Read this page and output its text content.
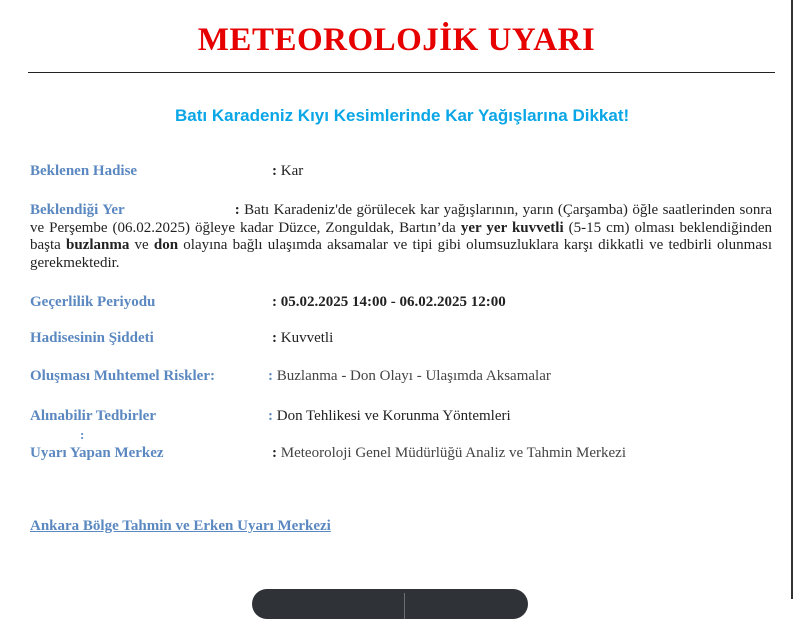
METEOROLOJİK UYARI
Batı Karadeniz Kıyı Kesimlerinde Kar Yağışlarına Dikkat!
Beklenen Hadise	: Kar
Beklendiği Yer	: Batı Karadeniz'de görülecek kar yağışlarının, yarın (Çarşamba) öğle saatlerinden sonra ve Perşembe (06.02.2025) öğleye kadar Düzce, Zonguldak, Bartın’da yer yer kuvvetli (5-15 cm) olması beklendiğinden başta buzlanma ve don olayına bağlı ulaşımda aksamalar ve tipi gibi olumsuzluklara karşı dikkatli ve tedbirli olunması gerekmektedir.
Geçerlilik Periyodu	: 05.02.2025 14:00 - 06.02.2025 12:00
Hadisesinin Şiddeti	: Kuvvetli
Oluşması Muhtemel Riskler:	: Buzlanma - Don Olayı - Ulaşımda Aksamalar
Alınabilir Tedbirler	: Don Tehlikesi ve Korunma Yöntemleri
:
Uyarı Yapan Merkez	: Meteoroloji Genel Müdürlüğü Analiz ve Tahmin Merkezi
Ankara Bölge Tahmin ve Erken Uyarı Merkezi
